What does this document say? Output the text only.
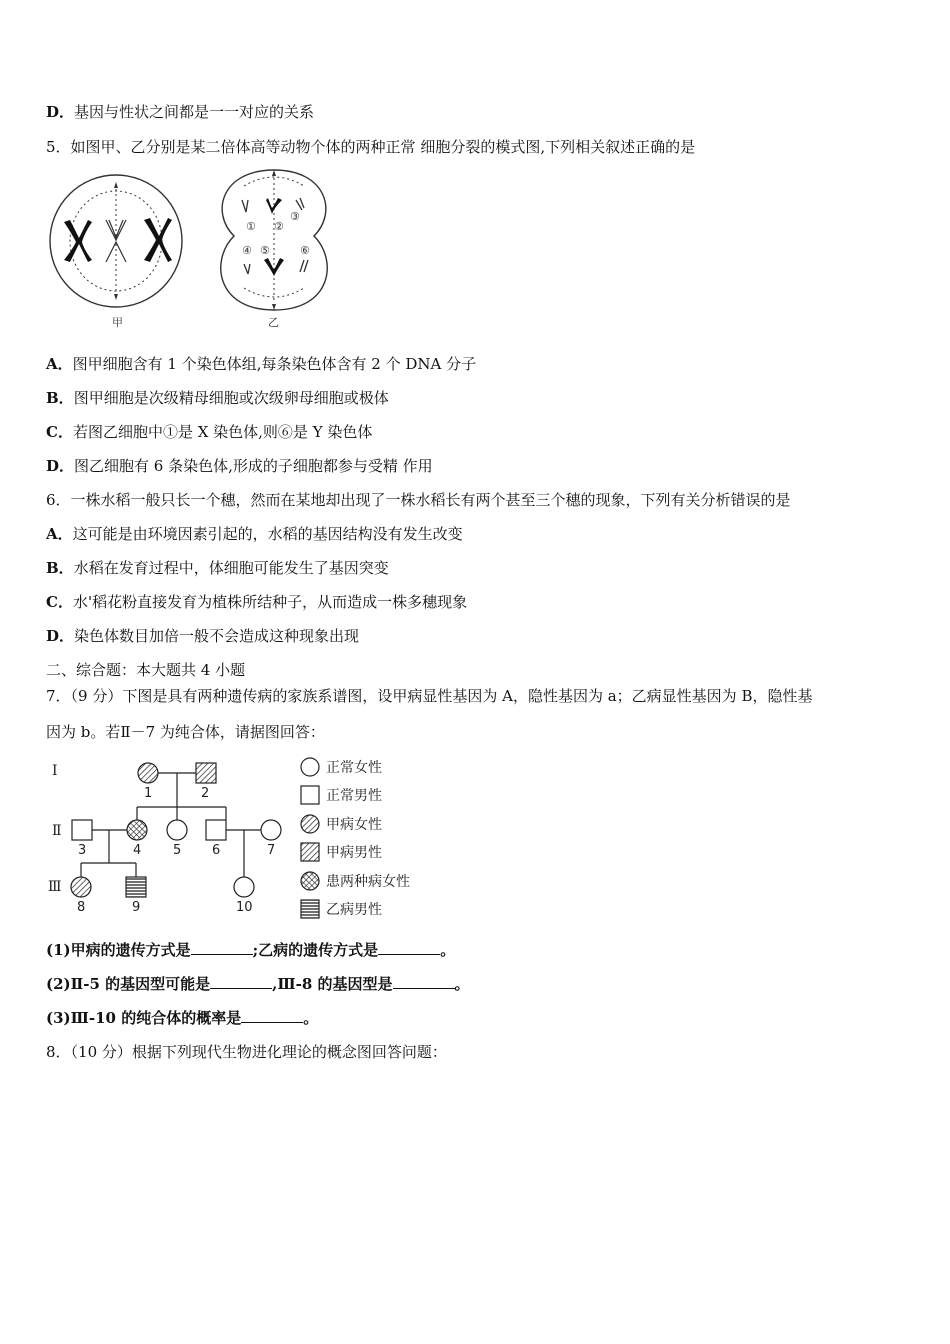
D．基因与性状之间都是一一对应的关系
5．如图甲、乙分别是某二倍体高等动物个体的两种正常 细胞分裂的模式图,下列相关叙述正确的是
甲
① ②
③
④ ⑤	⑥
乙
A．图甲细胞含有 1 个染色体组,每条染色体含有 2 个 DNA 分子
B．图甲细胞是次级精母细胞或次级卵母细胞或极体
C．若图乙细胞中①是 X 染色体,则⑥是 Y 染色体
D．图乙细胞有 6 条染色体,形成的子细胞都参与受精 作用
6．一株水稻一般只长一个穗，然而在某地却出现了一株水稻长有两个甚至三个穗的现象，下列有关分析错误的是
A．这可能是由环境因素引起的，水稻的基因结构没有发生改变
B．水稻在发育过程中，体细胞可能发生了基因突变
C．水'稻花粉直接发育为植株所结种子，从而造成一株多穗现象
D．染色体数目加倍一般不会造成这种现象出现
二、综合题：本大题共 4 小题
7．（9 分）下图是具有两种遗传病的家族系谱图，设甲病显性基因为 A，隐性基因为 a；乙病显性基因为 B，隐性基
因为 b。若Ⅱ－7 为纯合体，请据图回答：
Ⅰ
Ⅱ
Ⅲ
1	2
3	4 5 6	7
8	9	10
正常女性
正常男性
甲病女性
甲病男性
患两种病女性
乙病男性
(1)甲病的遗传方式是	;乙病的遗传方式是	。
(2)Ⅱ-5 的基因型可能是	,Ⅲ-8 的基因型是	。
(3)Ⅲ-10 的纯合体的概率是	。
8．（10 分）根据下列现代生物进化理论的概念图回答问题：
